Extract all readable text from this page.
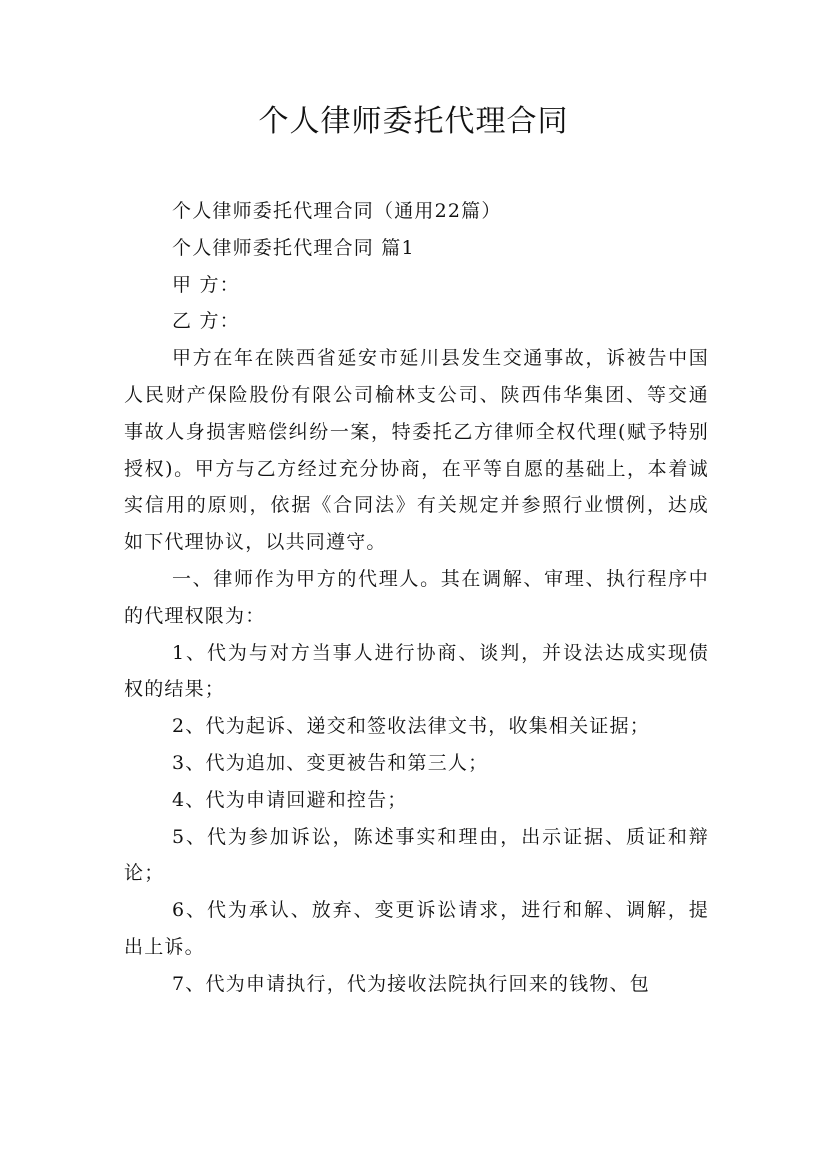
个人律师委托代理合同

个人律师委托代理合同（通用22篇）

个人律师委托代理合同 篇1

甲 方：

乙 方：

甲方在年在陕西省延安市延川县发生交通事故，诉被告中国人民财产保险股份有限公司榆林支公司、陕西伟华集团、等交通事故人身损害赔偿纠纷一案，特委托乙方律师全权代理(赋予特别授权)。甲方与乙方经过充分协商，在平等自愿的基础上，本着诚实信用的原则，依据《合同法》有关规定并参照行业惯例，达成如下代理协议，以共同遵守。

一、律师作为甲方的代理人。其在调解、审理、执行程序中的代理权限为：

1、代为与对方当事人进行协商、谈判，并设法达成实现债权的结果；

2、代为起诉、递交和签收法律文书，收集相关证据；

3、代为追加、变更被告和第三人；

4、代为申请回避和控告；

5、代为参加诉讼，陈述事实和理由，出示证据、质证和辩论；

6、代为承认、放弃、变更诉讼请求，进行和解、调解，提出上诉。

7、代为申请执行，代为接收法院执行回来的钱物、包
